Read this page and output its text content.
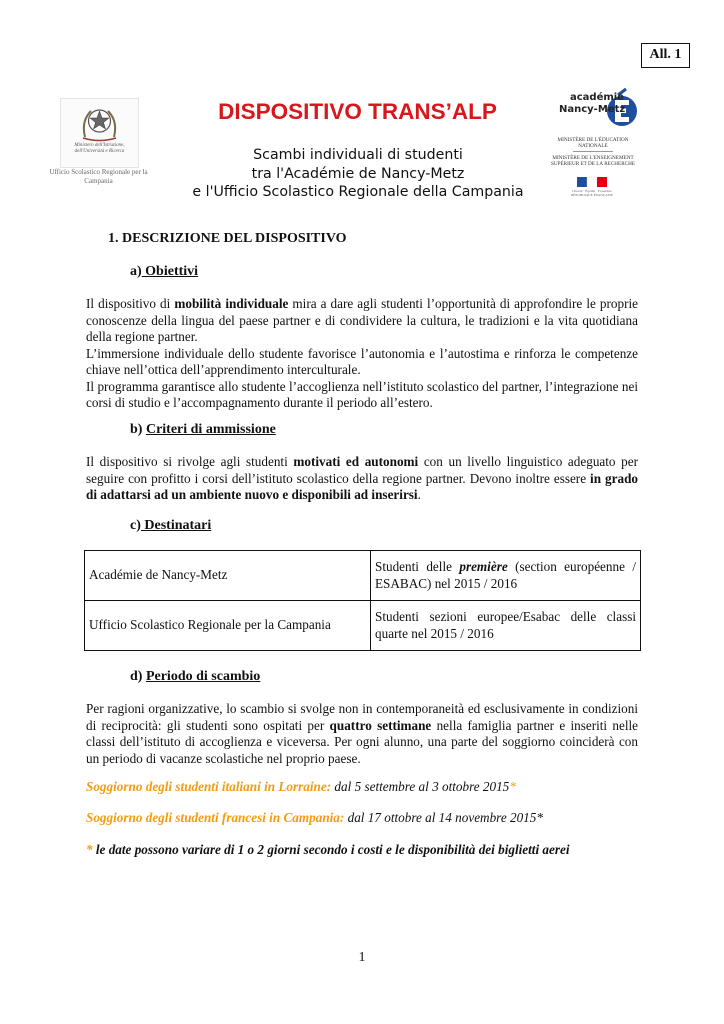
All. 1
Ministero dell'Istruzione, dell'Università e Ricerca
Ufficio Scolastico Regionale per la Campania
DISPOSITIVO TRANS’ALP
Scambi individuali di studenti
tra l'Académie de Nancy-Metz
e l'Ufficio Scolastico Regionale della Campania
académie
Nancy-Metz
MINISTÈRE DE L'ÉDUCATION NATIONALE
MINISTÈRE DE L'ENSEIGNEMENT SUPÉRIEUR ET DE LA RECHERCHE
Liberté · Égalité · Fraternité RÉPUBLIQUE FRANÇAISE
1. DESCRIZIONE DEL DISPOSITIVO
a) Obiettivi

Il dispositivo di mobilità individuale mira a dare agli studenti l’opportunità di approfondire le proprie conoscenze della lingua del paese partner e di condividere la cultura, le tradizioni e la vita quotidiana della regione partner.

L’immersione individuale dello studente favorisce l’autonomia e l’autostima e rinforza le competenze chiave nell’ottica dell’apprendimento interculturale.

Il programma garantisce allo studente l’accoglienza nell’istituto scolastico del partner, l’integrazione nei corsi di studio e l’accompagnamento durante il periodo all’estero.

b) Criteri di ammissione

Il dispositivo si rivolge agli studenti motivati ed autonomi con un livello linguistico adeguato per seguire con profitto i corsi dell’istituto scolastico della regione partner. Devono inoltre essere in grado di adattarsi ad un ambiente nuovo e disponibili ad inserirsi.

c) Destinatari
Académie de Nancy-Metz	Studenti delle première (section européenne / ESABAC) nel 2015 / 2016
Ufficio Scolastico Regionale per la Campania	Studenti sezioni europee/Esabac delle classi quarte nel 2015 / 2016
d) Periodo di scambio

Per ragioni organizzative, lo scambio si svolge non in contemporaneità ed esclusivamente in condizioni di reciprocità: gli studenti sono ospitati per quattro settimane nella famiglia partner e inseriti nelle classi dell’istituto di accoglienza e viceversa. Per ogni alunno, una parte del soggiorno coinciderà con un periodo di vacanze scolastiche nel proprio paese.

Soggiorno degli studenti italiani in Lorraine: dal 5 settembre al 3 ottobre 2015*
Soggiorno degli studenti francesi in Campania: dal 17 ottobre al 14 novembre 2015*
* le date possono variare di 1 o 2 giorni secondo i costi e le disponibilità dei biglietti aerei
1
